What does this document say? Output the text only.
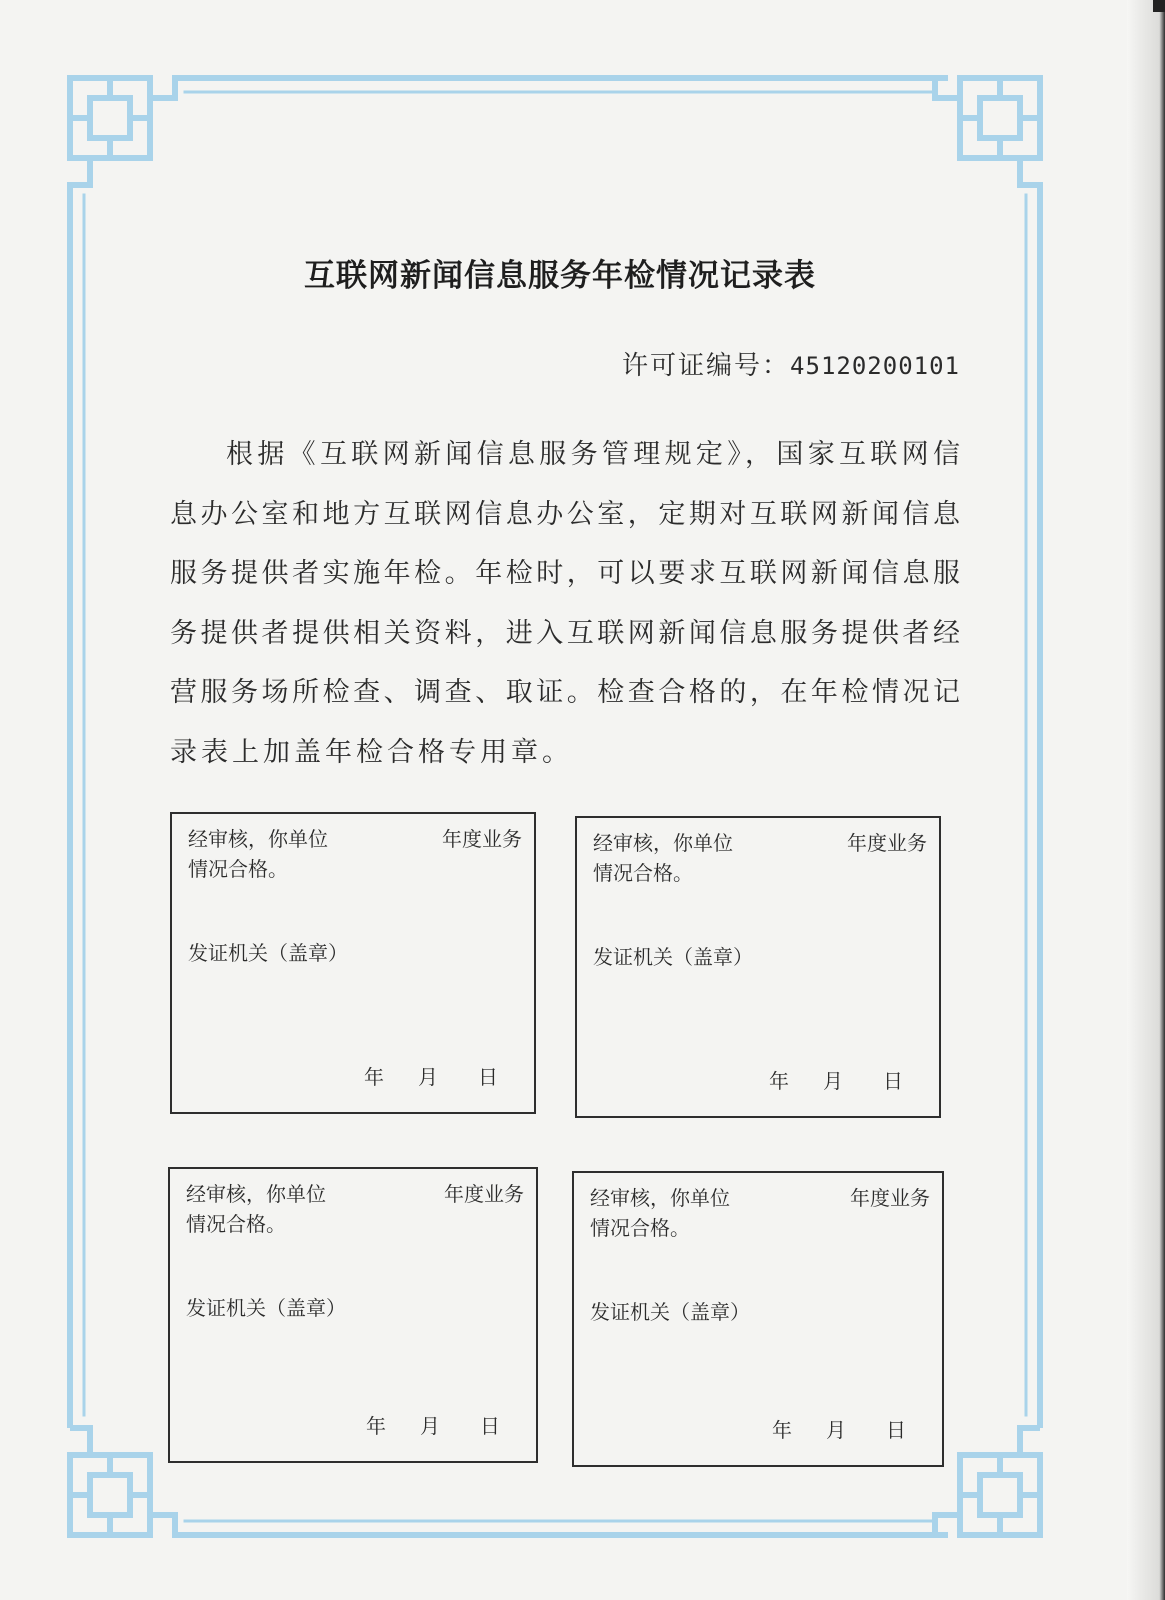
互联网新闻信息服务年检情况记录表
许可证编号：45120200101
根据《互联网新闻信息服务管理规定》，国家互联网信
息办公室和地方互联网信息办公室，定期对互联网新闻信息
服务提供者实施年检。年检时，可以要求互联网新闻信息服
务提供者提供相关资料，进入互联网新闻信息服务提供者经
营服务场所检查、调查、取证。检查合格的，在年检情况记
录表上加盖年检合格专用章。
经审核，你单位	年度业务
情况合格。
发证机关（盖章）
年 月 日
经审核，你单位	年度业务
情况合格。
发证机关（盖章）
年 月 日
经审核，你单位	年度业务
情况合格。
发证机关（盖章）
年 月 日
经审核，你单位	年度业务
情况合格。
发证机关（盖章）
年 月 日
